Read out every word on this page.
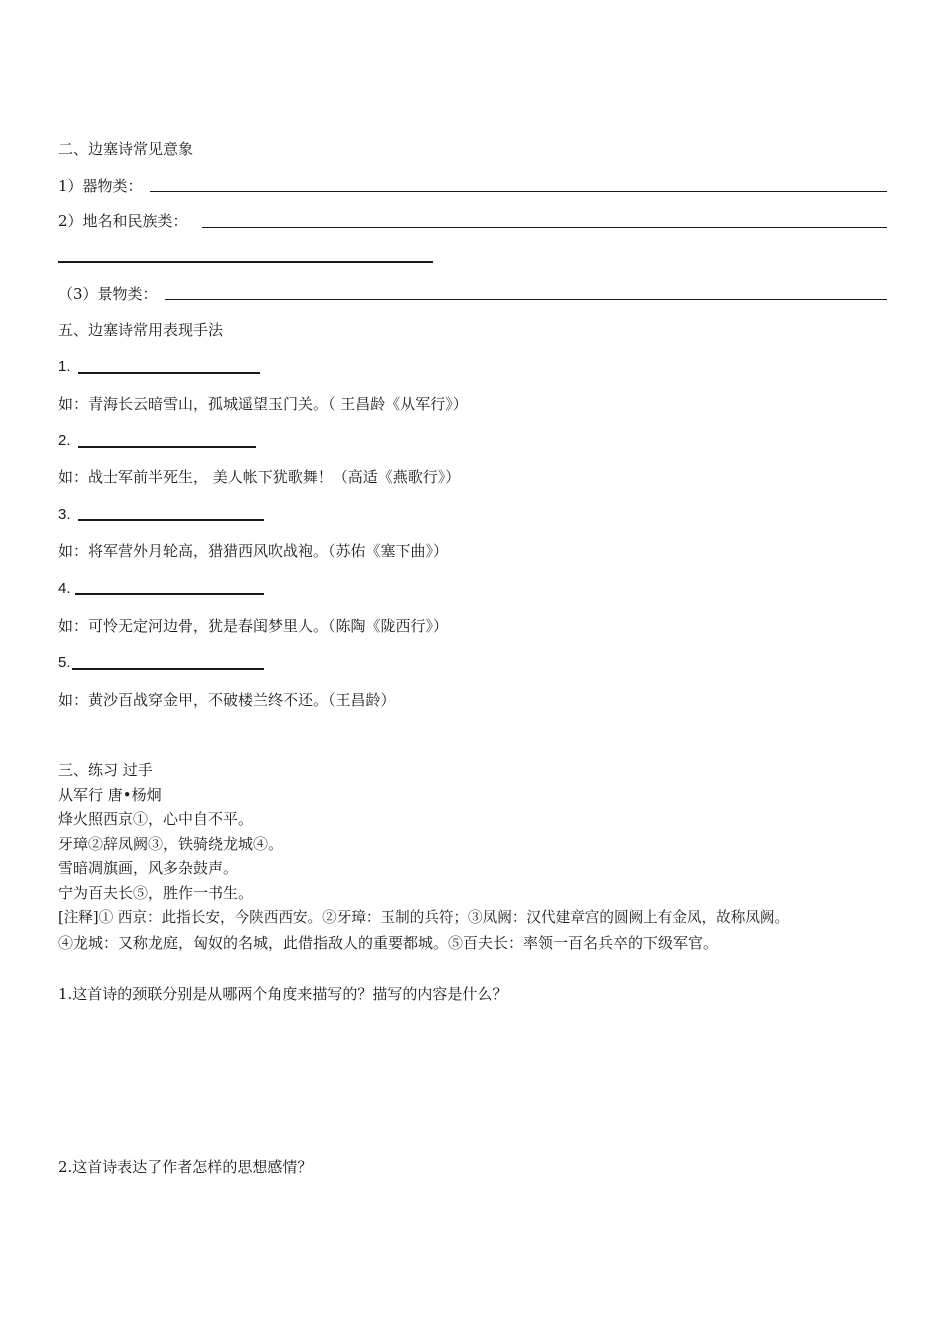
二、边塞诗常见意象
1）器物类：
2）地名和民族类：
（3）景物类：
五、边塞诗常用表现手法
1.
如：青海长云暗雪山，孤城遥望玉门关。（ 王昌龄《从军行》）
2.
如：战士军前半死生， 美人帐下犹歌舞！（高适《燕歌行》）
3.
如：将军营外月轮高，猎猎西风吹战袍。（苏佑《塞下曲》）
4.
如：可怜无定河边骨，犹是春闺梦里人。（陈陶《陇西行》）
5.
如：黄沙百战穿金甲，不破楼兰终不还。（王昌龄）
三、练习 过手
从军行 唐•杨炯
烽火照西京①，心中自不平。
牙璋②辞凤阙③，铁骑绕龙城④。
雪暗凋旗画，风多杂鼓声。
宁为百夫长⑤，胜作一书生。
[注释]① 西京：此指长安，今陕西西安。②牙璋：玉制的兵符；③凤阙：汉代建章宫的圆阙上有金凤，故称凤阙。
④龙城：又称龙庭，匈奴的名城，此借指敌人的重要都城。⑤百夫长：率领一百名兵卒的下级军官。
1.这首诗的颈联分别是从哪两个角度来描写的？描写的内容是什么？
2.这首诗表达了作者怎样的思想感情？
